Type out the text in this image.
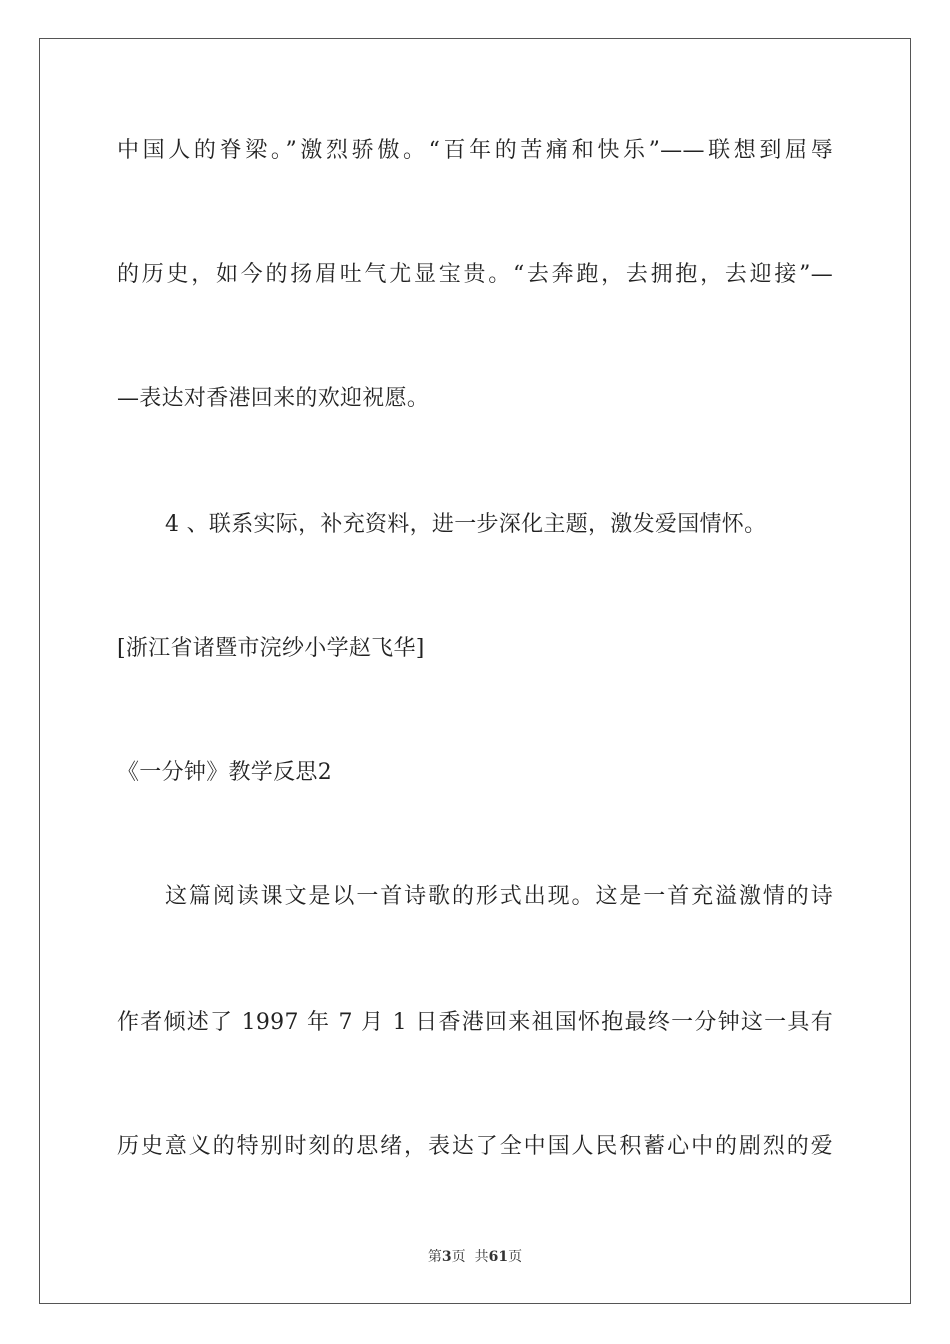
中国人的脊梁。”激烈骄傲。“百年的苦痛和快乐”——联想到屈辱
的历史，如今的扬眉吐气尤显宝贵。“去奔跑，去拥抱，去迎接”—
—表达对香港回来的欢迎祝愿。
4 、联系实际，补充资料，进一步深化主题，激发爱国情怀。
[浙江省诸暨市浣纱小学赵飞华]
《一分钟》教学反思2
这篇阅读课文是以一首诗歌的形式出现。这是一首充溢激情的诗
作者倾述了 1997 年 7 月 1 日香港回来祖国怀抱最终一分钟这一具有
历史意义的特别时刻的思绪，表达了全中国人民积蓄心中的剧烈的爱
第3页  共61页
